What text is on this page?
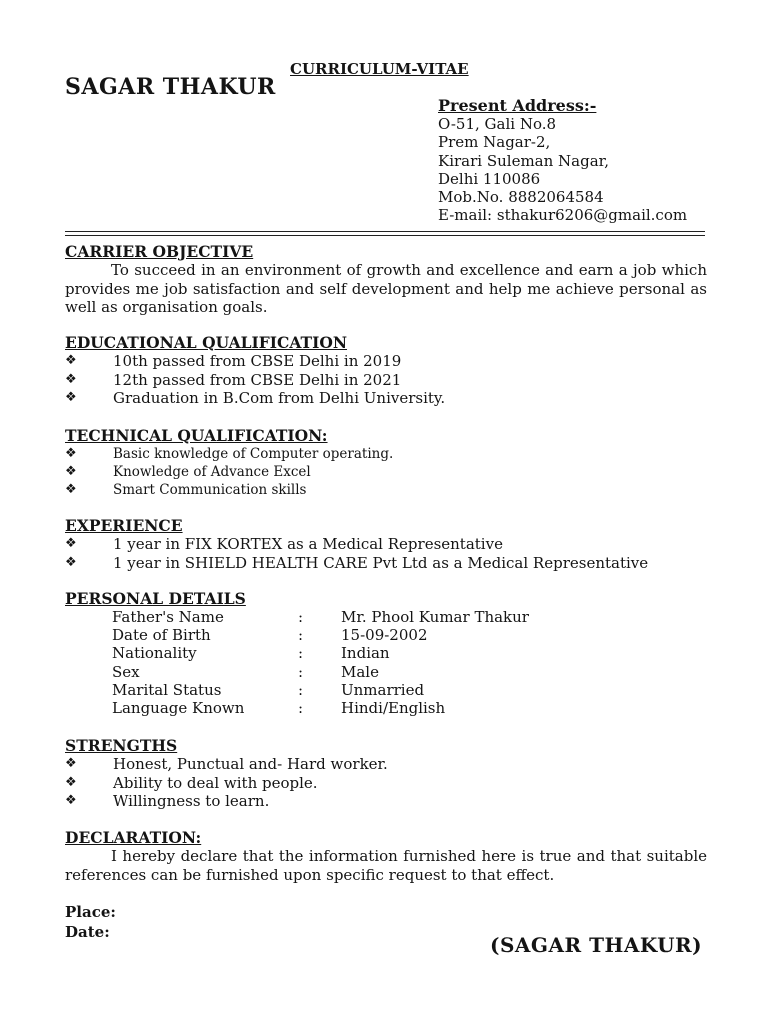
CURRICULUM-VITAE
SAGAR THAKUR
Present Address:-
O-51, Gali No.8
Prem Nagar-2,
Kirari Suleman Nagar,
Delhi 110086
Mob.No. 8882064584
E-mail: sthakur6206@gmail.com
CARRIER OBJECTIVE
To succeed in an environment of growth and excellence and earn a job which provides me job satisfaction and self development and help me achieve personal as well as organisation goals.
EDUCATIONAL QUALIFICATION
❖ 10th passed from CBSE Delhi in 2019
❖ 12th passed from CBSE Delhi in 2021
❖ Graduation in B.Com from Delhi University.
TECHNICAL QUALIFICATION:
❖	Basic knowledge of Computer operating.
❖	Knowledge of Advance Excel
❖	Smart Communication skills
EXPERIENCE
❖ 1 year in FIX KORTEX as a Medical Representative
❖ 1 year in SHIELD HEALTH CARE Pvt Ltd as a Medical Representative
PERSONAL DETAILS
Father's Name	:	Mr. Phool Kumar Thakur
Date of Birth	:	15-09-2002
Nationality	:	Indian
Sex	:	Male
Marital Status	:	Unmarried
Language Known	:	Hindi/English
STRENGTHS
❖ Honest, Punctual and- Hard worker.
❖ Ability to deal with people.
❖ Willingness to learn.
DECLARATION:
I hereby declare that the information furnished here is true and that suitable references can be furnished upon specific request to that effect.
Place:
Date:
(SAGAR THAKUR)
